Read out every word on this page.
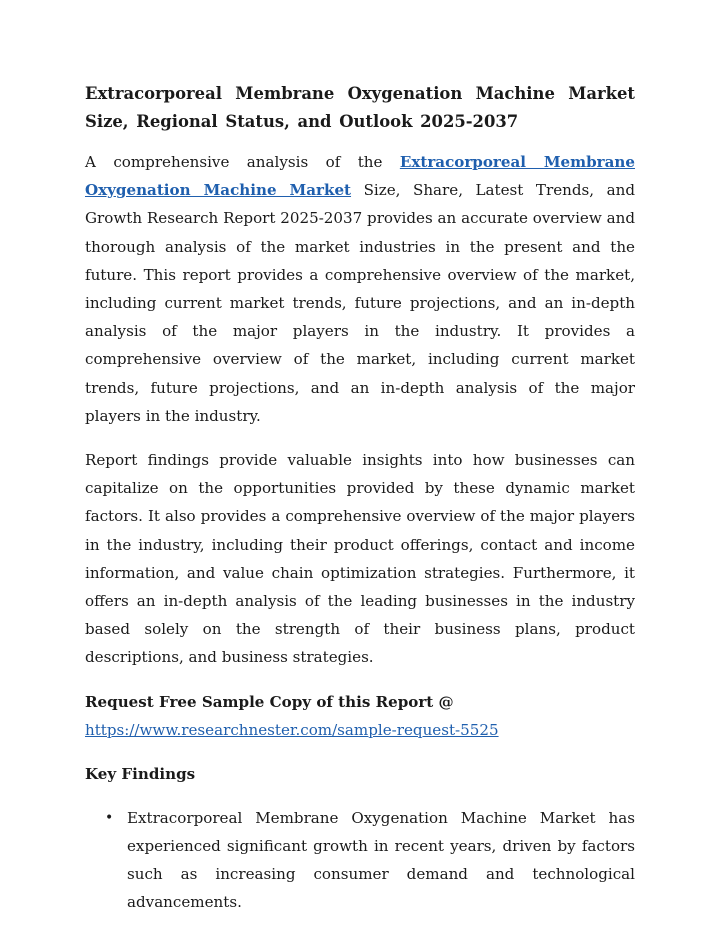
Extracorporeal Membrane Oxygenation Machine Market Size, Regional Status, and Outlook 2025-2037

A comprehensive analysis of the Extracorporeal Membrane Oxygenation Machine Market Size, Share, Latest Trends, and Growth Research Report 2025-2037 provides an accurate overview and thorough analysis of the market industries in the present and the future. This report provides a comprehensive overview of the market, including current market trends, future projections, and an in-depth analysis of the major players in the industry. It provides a comprehensive overview of the market, including current market trends, future projections, and an in-depth analysis of the major players in the industry.

Report findings provide valuable insights into how businesses can capitalize on the opportunities provided by these dynamic market factors. It also provides a comprehensive overview of the major players in the industry, including their product offerings, contact and income information, and value chain optimization strategies. Furthermore, it offers an in-depth analysis of the leading businesses in the industry based solely on the strength of their business plans, product descriptions, and business strategies.

Request Free Sample Copy of this Report @
https://www.researchnester.com/sample-request-5525
Key Findings
• Extracorporeal Membrane Oxygenation Machine Market has experienced significant growth in recent years, driven by factors such as increasing consumer demand and technological advancements.
